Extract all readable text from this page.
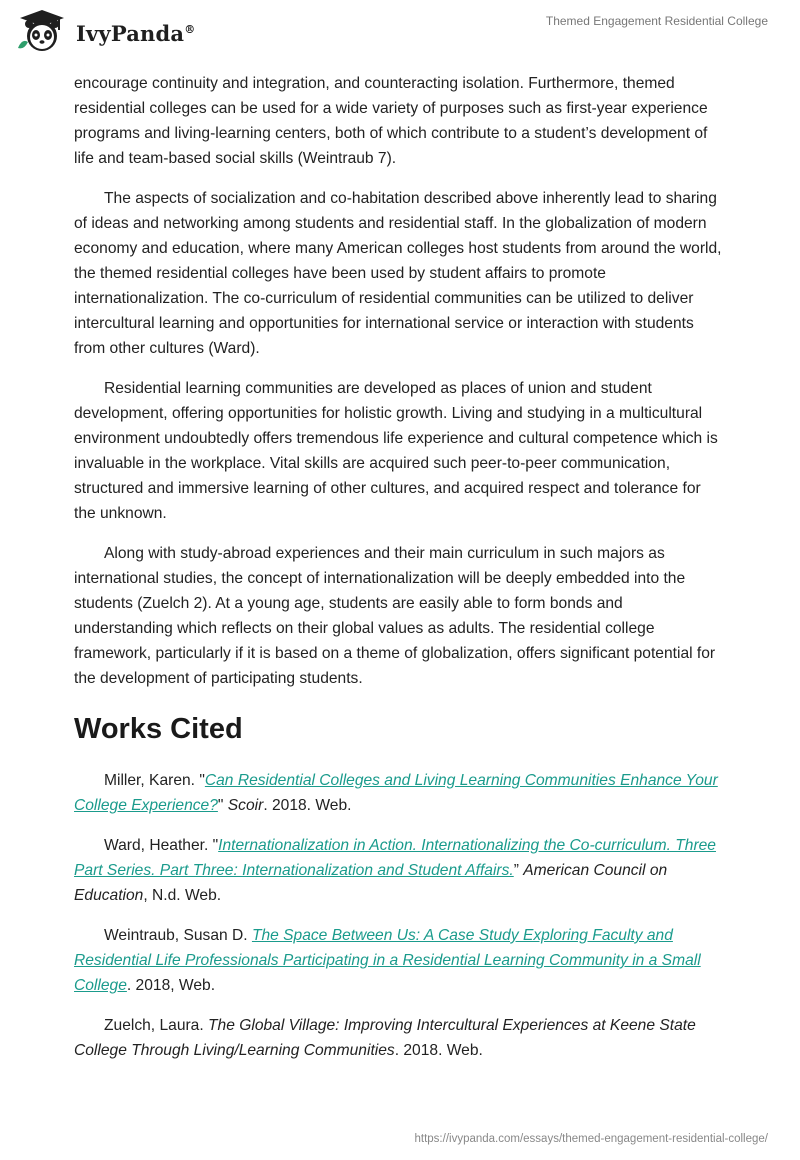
IvyPanda®
Themed Engagement Residential College

encourage continuity and integration, and counteracting isolation. Furthermore, themed residential colleges can be used for a wide variety of purposes such as first-year experience programs and living-learning centers, both of which contribute to a student’s development of life and team-based social skills (Weintraub 7).

The aspects of socialization and co-habitation described above inherently lead to sharing of ideas and networking among students and residential staff. In the globalization of modern economy and education, where many American colleges host students from around the world, the themed residential colleges have been used by student affairs to promote internationalization. The co-curriculum of residential communities can be utilized to deliver intercultural learning and opportunities for international service or interaction with students from other cultures (Ward).

Residential learning communities are developed as places of union and student development, offering opportunities for holistic growth. Living and studying in a multicultural environment undoubtedly offers tremendous life experience and cultural competence which is invaluable in the workplace. Vital skills are acquired such peer-to-peer communication, structured and immersive learning of other cultures, and acquired respect and tolerance for the unknown.

Along with study-abroad experiences and their main curriculum in such majors as international studies, the concept of internationalization will be deeply embedded into the students (Zuelch 2). At a young age, students are easily able to form bonds and understanding which reflects on their global values as adults. The residential college framework, particularly if it is based on a theme of globalization, offers significant potential for the development of participating students.

Works Cited

Miller, Karen. "Can Residential Colleges and Living Learning Communities Enhance Your College Experience?" Scoir. 2018. Web.

Ward, Heather. "Internationalization in Action. Internationalizing the Co-curriculum. Three Part Series. Part Three: Internationalization and Student Affairs.” American Council on Education, N.d. Web.

Weintraub, Susan D. The Space Between Us: A Case Study Exploring Faculty and Residential Life Professionals Participating in a Residential Learning Community in a Small College. 2018, Web.

Zuelch, Laura. The Global Village: Improving Intercultural Experiences at Keene State College Through Living/Learning Communities. 2018. Web.

https://ivypanda.com/essays/themed-engagement-residential-college/
